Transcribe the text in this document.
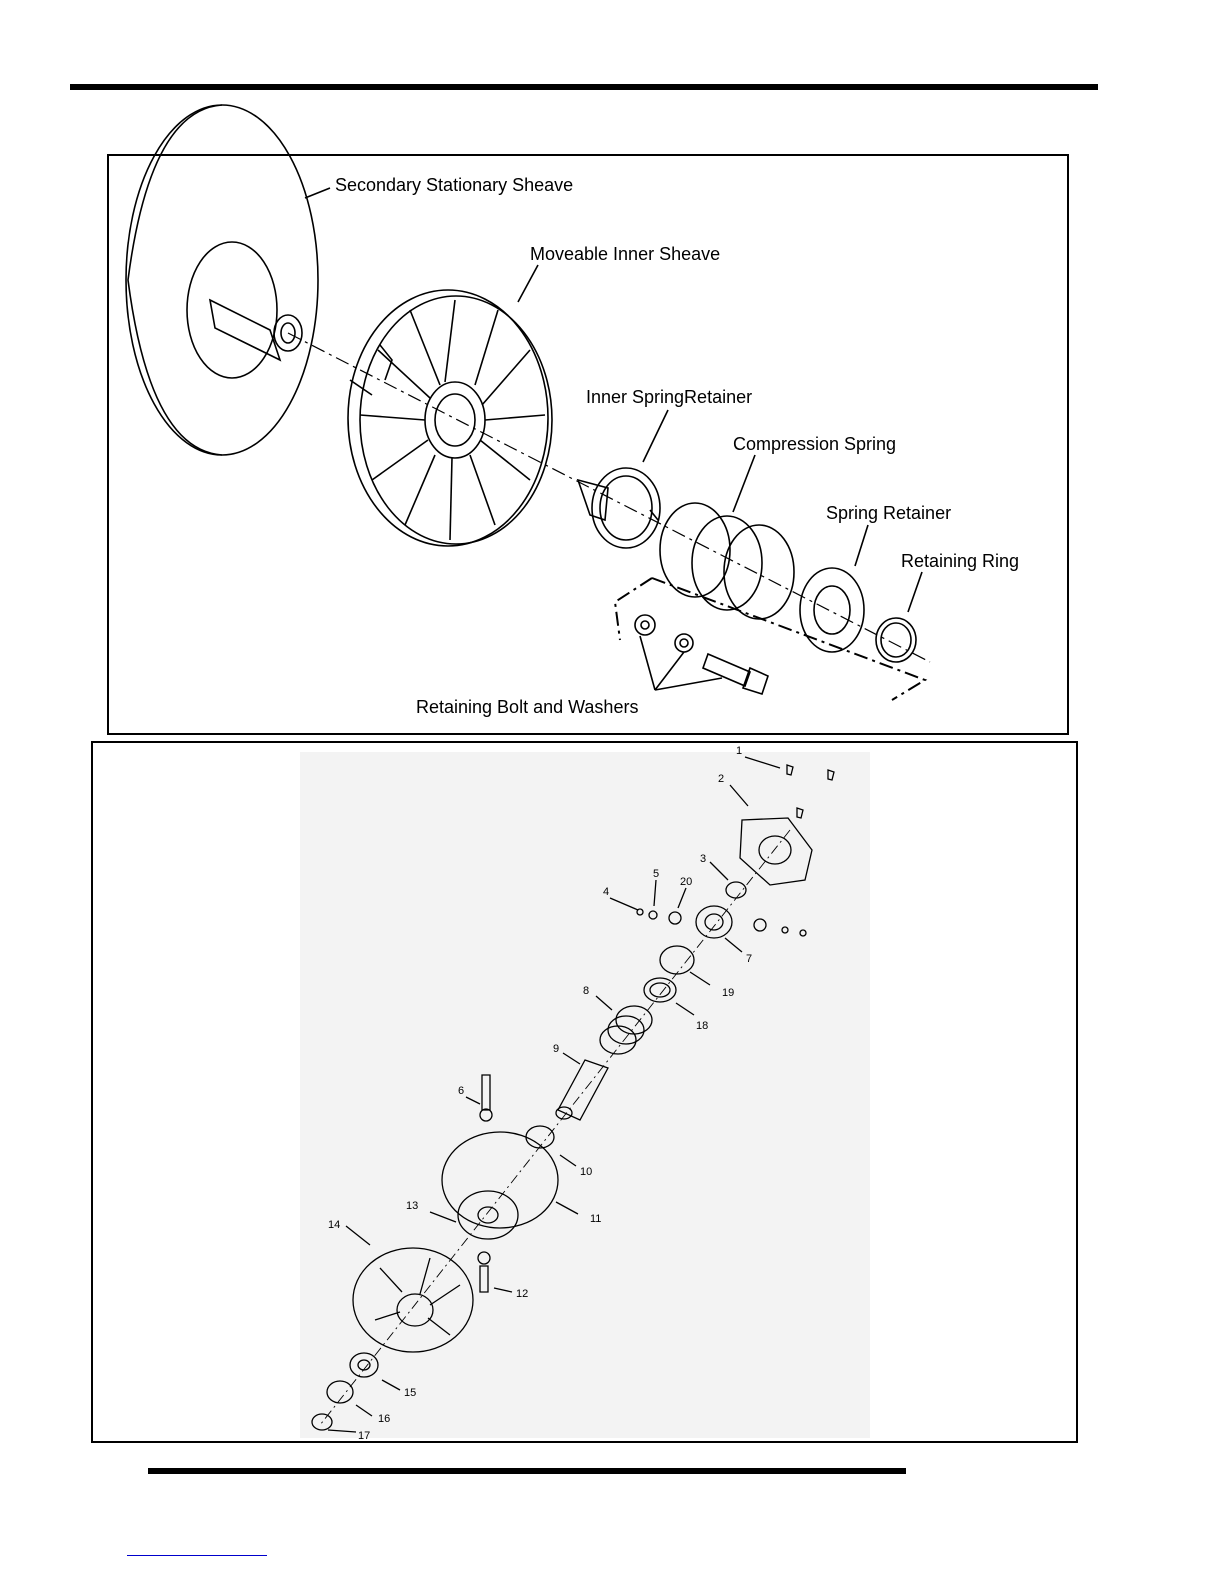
Secondary Stationary Sheave
Moveable Inner Sheave
Inner SpringRetainer
Compression Spring
Spring Retainer
Retaining Ring
Retaining Bolt and Washers
1
2
3
4
5
20
7
19
8
18
9
6
10
11
13
14
12
15
16
17
